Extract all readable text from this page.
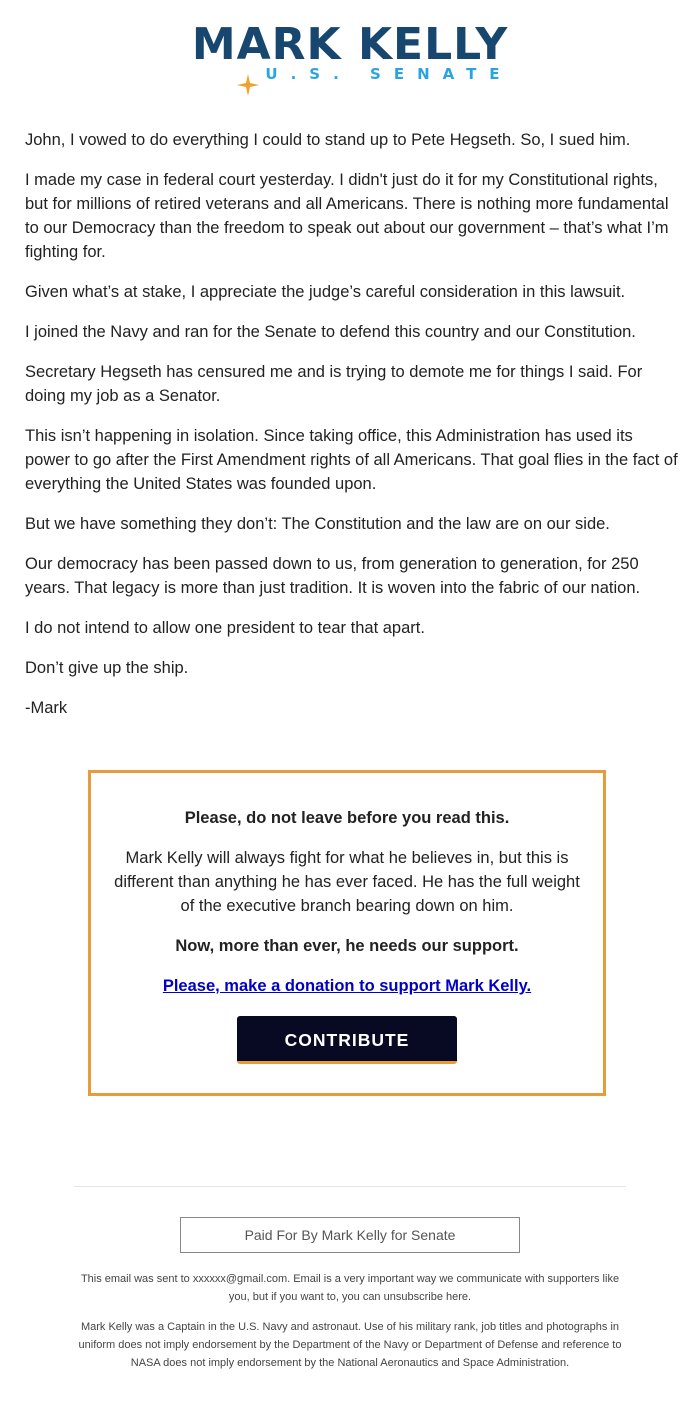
MARK KELLY
U.S. SENATE

John, I vowed to do everything I could to stand up to Pete Hegseth. So, I sued him.

I made my case in federal court yesterday. I didn't just do it for my Constitutional rights, but for millions of retired veterans and all Americans. There is nothing more fundamental to our Democracy than the freedom to speak out about our government – that’s what I’m fighting for.

Given what’s at stake, I appreciate the judge’s careful consideration in this lawsuit.

I joined the Navy and ran for the Senate to defend this country and our Constitution.

Secretary Hegseth has censured me and is trying to demote me for things I said. For doing my job as a Senator.

This isn’t happening in isolation. Since taking office, this Administration has used its power to go after the First Amendment rights of all Americans. That goal flies in the fact of everything the United States was founded upon.

But we have something they don’t: The Constitution and the law are on our side.

Our democracy has been passed down to us, from generation to generation, for 250 years. That legacy is more than just tradition. It is woven into the fabric of our nation.

I do not intend to allow one president to tear that apart.

Don’t give up the ship.

-Mark

Please, do not leave before you read this.
Mark Kelly will always fight for what he believes in, but this is different than anything he has ever faced. He has the full weight of the executive branch bearing down on him.
Now, more than ever, he needs our support.
Please, make a donation to support Mark Kelly.
CONTRIBUTE
Paid For By Mark Kelly for Senate
This email was sent to xxxxxx@gmail.com. Email is a very important way we communicate with supporters like you, but if you want to, you can unsubscribe here.
Mark Kelly was a Captain in the U.S. Navy and astronaut. Use of his military rank, job titles and photographs in uniform does not imply endorsement by the Department of the Navy or Department of Defense and reference to NASA does not imply endorsement by the National Aeronautics and Space Administration.
